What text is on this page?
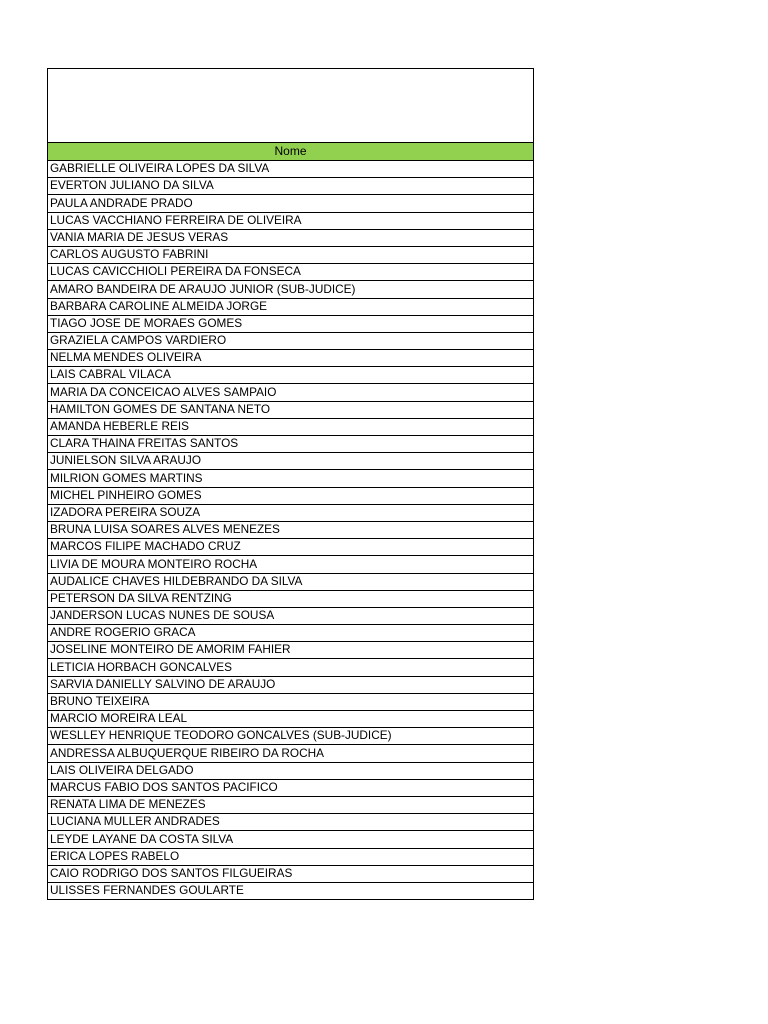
Nome
GABRIELLE OLIVEIRA LOPES DA SILVA
EVERTON JULIANO DA SILVA
PAULA ANDRADE PRADO
LUCAS VACCHIANO FERREIRA DE OLIVEIRA
VANIA MARIA DE JESUS VERAS
CARLOS AUGUSTO FABRINI
LUCAS CAVICCHIOLI PEREIRA DA FONSECA
AMARO BANDEIRA DE ARAUJO JUNIOR (SUB-JUDICE)
BARBARA CAROLINE ALMEIDA JORGE
TIAGO JOSE DE MORAES GOMES
GRAZIELA CAMPOS VARDIERO
NELMA MENDES OLIVEIRA
LAIS CABRAL VILACA
MARIA DA CONCEICAO ALVES SAMPAIO
HAMILTON GOMES DE SANTANA NETO
AMANDA HEBERLE REIS
CLARA THAINA FREITAS SANTOS
JUNIELSON SILVA ARAUJO
MILRION GOMES MARTINS
MICHEL PINHEIRO GOMES
IZADORA PEREIRA SOUZA
BRUNA LUISA SOARES ALVES MENEZES
MARCOS FILIPE MACHADO CRUZ
LIVIA DE MOURA MONTEIRO ROCHA
AUDALICE CHAVES HILDEBRANDO DA SILVA
PETERSON DA SILVA RENTZING
JANDERSON LUCAS NUNES DE SOUSA
ANDRE ROGERIO GRACA
JOSELINE MONTEIRO DE AMORIM FAHIER
LETICIA HORBACH GONCALVES
SARVIA DANIELLY SALVINO DE ARAUJO
BRUNO TEIXEIRA
MARCIO MOREIRA LEAL
WESLLEY HENRIQUE TEODORO GONCALVES (SUB-JUDICE)
ANDRESSA ALBUQUERQUE RIBEIRO DA ROCHA
LAIS OLIVEIRA DELGADO
MARCUS FABIO DOS SANTOS PACIFICO
RENATA LIMA DE MENEZES
LUCIANA MULLER ANDRADES
LEYDE LAYANE DA COSTA SILVA
ERICA LOPES RABELO
CAIO RODRIGO DOS SANTOS FILGUEIRAS
ULISSES FERNANDES GOULARTE
